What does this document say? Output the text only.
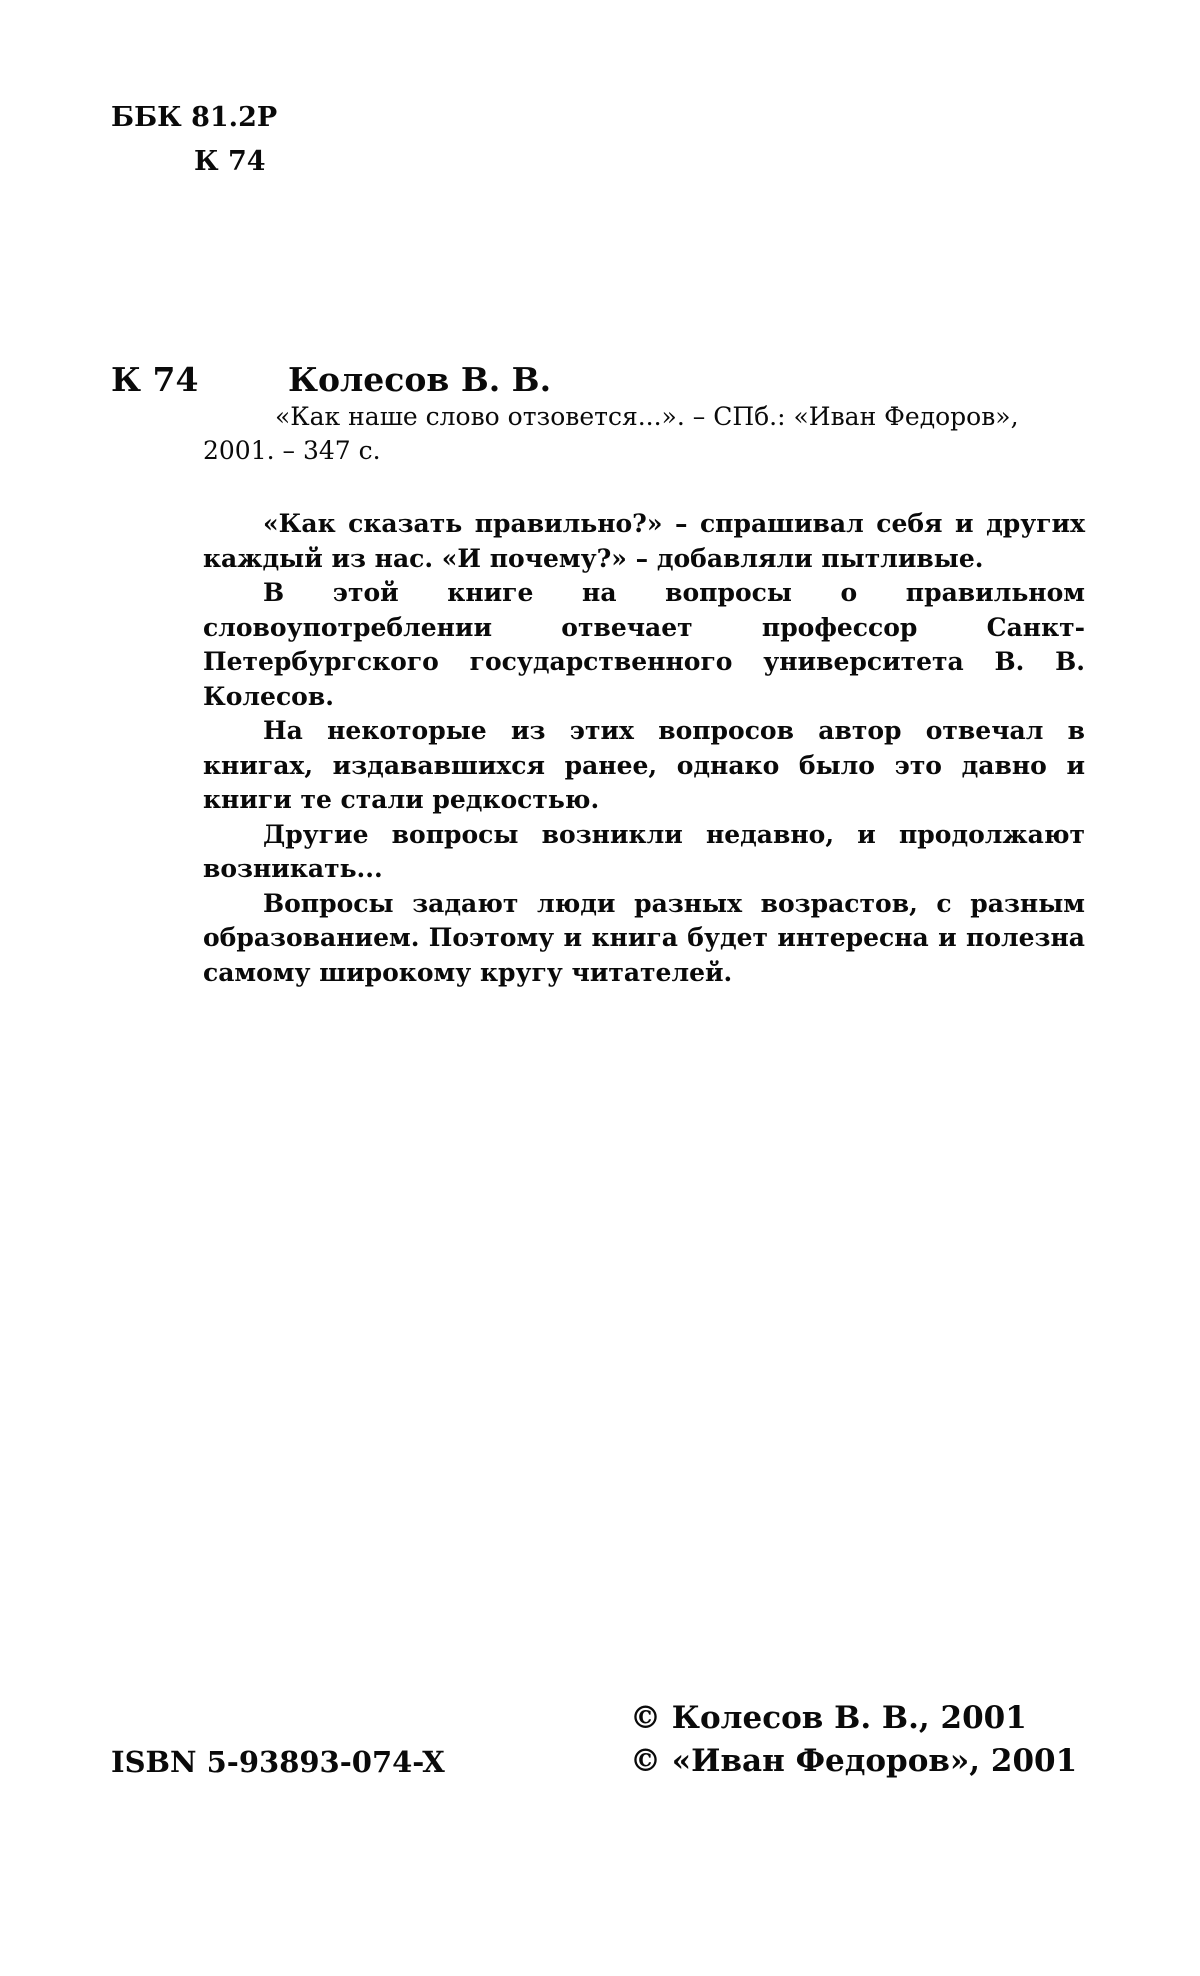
ББК 81.2Р
К 74
К 74	Колесов В. В.
«Как наше слово отзовется...». – СПб.: «Иван Федоров»,
2001. – 347 с.

«Как сказать правильно?» – спрашивал себя и других каждый из нас. «И почему?» – добавляли пытливые.

В этой книге на вопросы о правильном словоупотреблении отвечает профессор Санкт-Петербургского государственного университета В. В. Колесов.

На некоторые из этих вопросов автор отвечал в книгах, издававшихся ранее, однако было это давно и книги те стали редкостью.

Другие вопросы возникли недавно, и продолжают возникать...

Вопросы задают люди разных возрастов, с разным образованием. Поэтому и книга будет интересна и полезна самому широкому кругу читателей.

ISBN 5-93893-074-X
© Колесов В. В., 2001
© «Иван Федоров», 2001
